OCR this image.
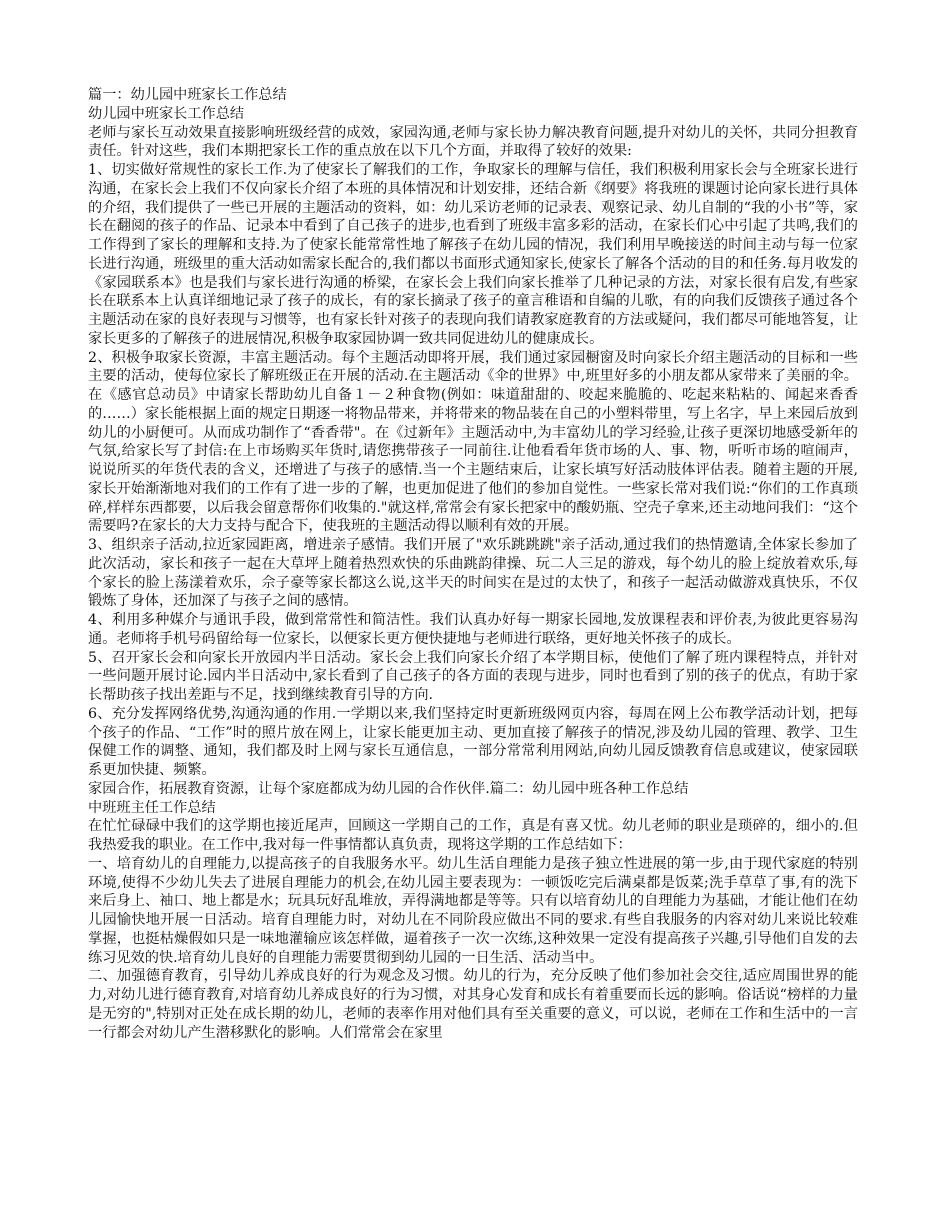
篇一：幼儿园中班家长工作总结

幼儿园中班家长工作总结

老师与家长互动效果直接影响班级经营的成效，家园沟通,老师与家长协力解决教育问题,提升对幼儿的关怀，共同分担教育责任。针对这些，我们本期把家长工作的重点放在以下几个方面，并取得了较好的效果:

1、切实做好常规性的家长工作.为了使家长了解我们的工作，争取家长的理解与信任，我们积极利用家长会与全班家长进行沟通，在家长会上我们不仅向家长介绍了本班的具体情况和计划安排，还结合新《纲要》将我班的课题讨论向家长进行具体的介绍，我们提供了一些已开展的主题活动的资料，如：幼儿采访老师的记录表、观察记录、幼儿自制的“我的小书”等，家长在翻阅的孩子的作品、记录本中看到了自己孩子的进步,也看到了班级丰富多彩的活动，在家长们心中引起了共鸣,我们的工作得到了家长的理解和支持.为了使家长能常常性地了解孩子在幼儿园的情况，我们利用早晚接送的时间主动与每一位家长进行沟通，班级里的重大活动如需家长配合的,我们都以书面形式通知家长,使家长了解各个活动的目的和任务.每月收发的《家园联系本》也是我们与家长进行沟通的桥梁，在家长会上我们向家长推举了几种记录的方法，对家长很有启发,有些家长在联系本上认真详细地记录了孩子的成长，有的家长摘录了孩子的童言稚语和自编的儿歌，有的向我们反馈孩子通过各个主题活动在家的良好表现与习惯等，也有家长针对孩子的表现向我们请教家庭教育的方法或疑问，我们都尽可能地答复，让家长更多的了解孩子的进展情况,积极争取家园协调一致共同促进幼儿的健康成长。

2、积极争取家长资源，丰富主题活动。每个主题活动即将开展，我们通过家园橱窗及时向家长介绍主题活动的目标和一些主要的活动，使每位家长了解班级正在开展的活动.在主题活动《伞的世界》中,班里好多的小朋友都从家带来了美丽的伞。在《感官总动员》中请家长帮助幼儿自备１－２种食物(例如：味道甜甜的、咬起来脆脆的、吃起来粘粘的、闻起来香香的……）家长能根据上面的规定日期逐一将物品带来，并将带来的物品装在自己的小塑料带里，写上名字，早上来园后放到幼儿的小厨便可。从而成功制作了“香香带"。在《过新年》主题活动中,为丰富幼儿的学习经验,让孩子更深切地感受新年的气氛,给家长写了封信:在上市场购买年货时,请您携带孩子一同前往.让他看看年货市场的人、事、物，听听市场的喧闹声，说说所买的年货代表的含义，还增进了与孩子的感情.当一个主题结束后，让家长填写好活动肢体评估表。随着主题的开展,家长开始渐渐地对我们的工作有了进一步的了解，也更加促进了他们的参加自觉性。一些家长常对我们说:“你们的工作真琐碎,样样东西都要，以后我会留意帮你们收集的."就这样,常常会有家长把家中的酸奶瓶、空壳子拿来,还主动地问我们：“这个需要吗?在家长的大力支持与配合下，使我班的主题活动得以顺利有效的开展。

3、组织亲子活动,拉近家园距离，增进亲子感情。我们开展了"欢乐跳跳跳"亲子活动,通过我们的热情邀请,全体家长参加了此次活动，家长和孩子一起在大草坪上随着热烈欢快的乐曲跳韵律操、玩二人三足的游戏，每个幼儿的脸上绽放着欢乐,每个家长的脸上荡漾着欢乐，佘子豪等家长都这么说,这半天的时间实在是过的太快了，和孩子一起活动做游戏真快乐，不仅锻炼了身体，还加深了与孩子之间的感情。

4、利用多种媒介与通讯手段，做到常常性和简洁性。我们认真办好每一期家长园地,发放课程表和评价表,为彼此更容易沟通。老师将手机号码留给每一位家长，以便家长更方便快捷地与老师进行联络，更好地关怀孩子的成长。

5、召开家长会和向家长开放园内半日活动。家长会上我们向家长介绍了本学期目标，使他们了解了班内课程特点，并针对一些问题开展讨论.园内半日活动中,家长看到了自己孩子的各方面的表现与进步，同时也看到了别的孩子的优点，有助于家长帮助孩子找出差距与不足，找到继续教育引导的方向.

6、充分发挥网络优势,沟通沟通的作用.一学期以来,我们坚持定时更新班级网页内容，每周在网上公布教学活动计划，把每个孩子的作品、“工作”时的照片放在网上，让家长能更加主动、更加直接了解孩子的情况,涉及幼儿园的管理、教学、卫生保健工作的调整、通知，我们都及时上网与家长互通信息，一部分常常利用网站,向幼儿园反馈教育信息或建议，使家园联系更加快捷、频繁。

家园合作，拓展教育资源，让每个家庭都成为幼儿园的合作伙伴.篇二：幼儿园中班各种工作总结

中班班主任工作总结

在忙忙碌碌中我们的这学期也接近尾声，回顾这一学期自己的工作，真是有喜又忧。幼儿老师的职业是琐碎的，细小的.但我热爱我的职业。在工作中,我对每一件事情都认真负责，现将这学期的工作总结如下：

一、培育幼儿的自理能力,以提高孩子的自我服务水平。幼儿生活自理能力是孩子独立性进展的第一步,由于现代家庭的特别环境,使得不少幼儿失去了进展自理能力的机会,在幼儿园主要表现为：一顿饭吃完后满桌都是饭菜;洗手草草了事,有的洗下来后身上、袖口、地上都是水；玩具玩好乱堆放，弄得满地都是等等。只有以培育幼儿的自理能力为基础，才能让他们在幼儿园愉快地开展一日活动。培育自理能力时，对幼儿在不同阶段应做出不同的要求.有些自我服务的内容对幼儿来说比较难掌握，也挺枯燥假如只是一味地灌输应该怎样做，逼着孩子一次一次练,这种效果一定没有提高孩子兴趣,引导他们自发的去练习见效的快.培育幼儿良好的自理能力需要贯彻到幼儿园的一日生活、活动当中。

二、加强德育教育，引导幼儿养成良好的行为观念及习惯。幼儿的行为，充分反映了他们参加社会交往,适应周围世界的能力,对幼儿进行德育教育,对培育幼儿养成良好的行为习惯，对其身心发育和成长有着重要而长远的影响。俗话说“榜样的力量是无穷的",特别对正处在成长期的幼儿，老师的表率作用对他们具有至关重要的意义，可以说，老师在工作和生活中的一言一行都会对幼儿产生潜移默化的影响。人们常常会在家里
